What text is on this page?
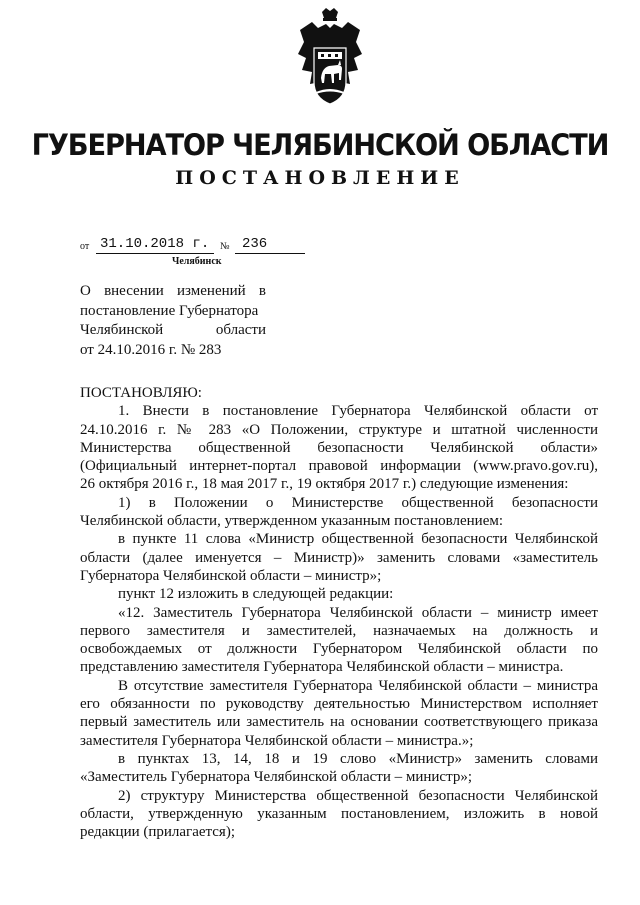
ГУБЕРНАТОР ЧЕЛЯБИНСКОЙ ОБЛАСТИ
ПОСТАНОВЛЕНИЕ
от 31.10.2018 г. № 236
Челябинск
О внесении изменений в
постановление Губернатора
Челябинской области
от 24.10.2016 г. № 283
ПОСТАНОВЛЯЮ:
1. Внести в постановление Губернатора Челябинской области от
24.10.2016 г. № 283 «О Положении, структуре и штатной численности
Министерства общественной безопасности Челябинской области»
(Официальный интернет-портал правовой информации (www.pravo.gov.ru),
26 октября 2016 г., 18 мая 2017 г., 19 октября 2017 г.) следующие изменения:
1) в Положении о Министерстве общественной безопасности
Челябинской области, утвержденном указанным постановлением:
в пункте 11 слова «Министр общественной безопасности Челябинской
области (далее именуется – Министр)» заменить словами «заместитель
Губернатора Челябинской области – министр»;
пункт 12 изложить в следующей редакции:
«12. Заместитель Губернатора Челябинской области – министр имеет
первого заместителя и заместителей, назначаемых на должность и
освобождаемых от должности Губернатором Челябинской области по
представлению заместителя Губернатора Челябинской области – министра.
В отсутствие заместителя Губернатора Челябинской области – министра
его обязанности по руководству деятельностью Министерством исполняет
первый заместитель или заместитель на основании соответствующего приказа
заместителя Губернатора Челябинской области – министра.»;
в пунктах 13, 14, 18 и 19 слово «Министр» заменить словами
«Заместитель Губернатора Челябинской области – министр»;
2) структуру Министерства общественной безопасности Челябинской
области, утвержденную указанным постановлением, изложить в новой
редакции (прилагается);
